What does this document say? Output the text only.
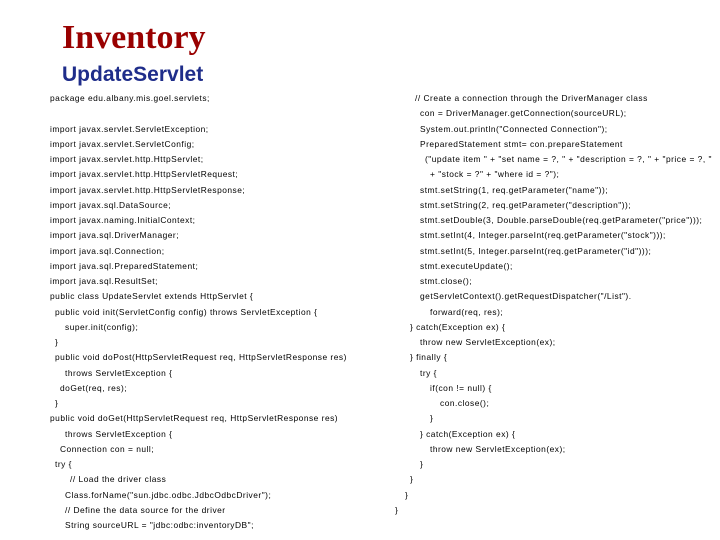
Inventory
UpdateServlet
package edu.albany.mis.goel.servlets;
import javax.servlet.ServletException;
import javax.servlet.ServletConfig;
import javax.servlet.http.HttpServlet;
import javax.servlet.http.HttpServletRequest;
import javax.servlet.http.HttpServletResponse;
import javax.sql.DataSource;
import javax.naming.InitialContext;
import java.sql.DriverManager;
import java.sql.Connection;
import java.sql.PreparedStatement;
import java.sql.ResultSet;
public class UpdateServlet extends HttpServlet {
public void init(ServletConfig config) throws ServletException {
super.init(config);
}
public void doPost(HttpServletRequest req, HttpServletResponse res)
throws ServletException {
doGet(req, res);
}
public void doGet(HttpServletRequest req, HttpServletResponse res)
throws ServletException {
Connection con = null;
try {
// Load the driver class
Class.forName("sun.jdbc.odbc.JdbcOdbcDriver");
// Define the data source for the driver
String sourceURL = "jdbc:odbc:inventoryDB";
// Create a connection through the DriverManager class
con = DriverManager.getConnection(sourceURL);
System.out.println("Connected Connection");
PreparedStatement stmt= con.prepareStatement
("update item " + "set name = ?, " + "description = ?, " + "price = ?, "
+ "stock = ?" + "where id = ?");
stmt.setString(1, req.getParameter("name"));
stmt.setString(2, req.getParameter("description"));
stmt.setDouble(3, Double.parseDouble(req.getParameter("price")));
stmt.setInt(4, Integer.parseInt(req.getParameter("stock")));
stmt.setInt(5, Integer.parseInt(req.getParameter("id")));
stmt.executeUpdate();
stmt.close();
getServletContext().getRequestDispatcher("/List").
forward(req, res);
} catch(Exception ex) {
throw new ServletException(ex);
} finally {
try {
if(con != null) {
con.close();
}
} catch(Exception ex) {
throw new ServletException(ex);
}
}
}
}
